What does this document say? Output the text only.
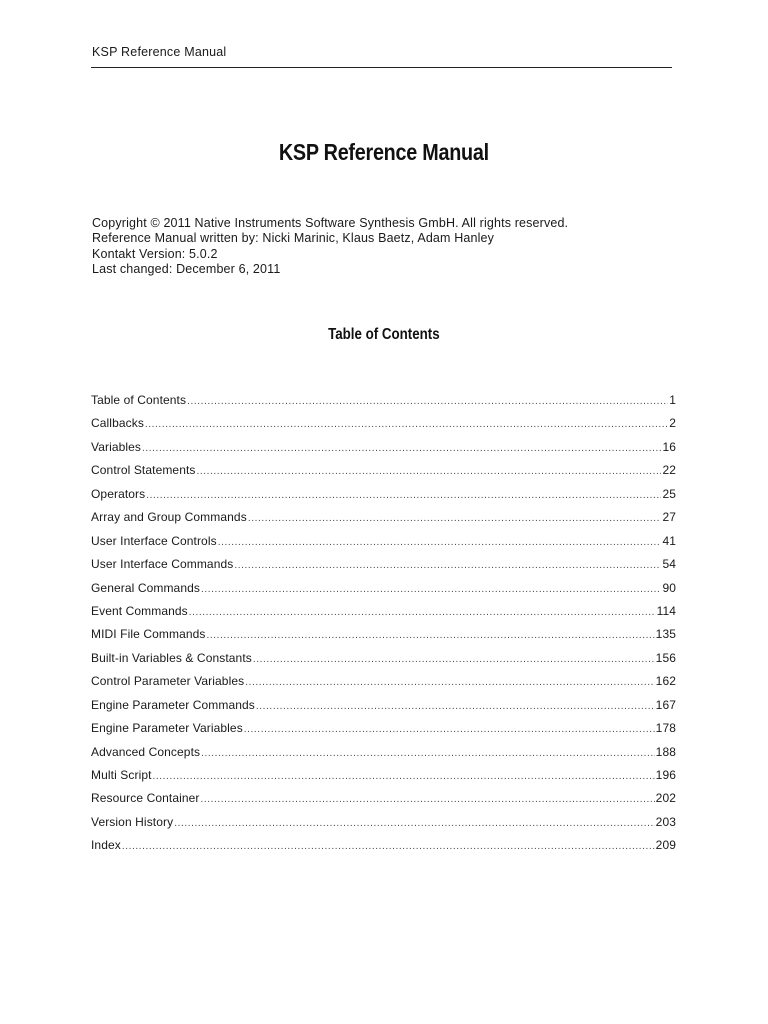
KSP Reference Manual
KSP Reference Manual
Copyright © 2011 Native Instruments Software Synthesis GmbH. All rights reserved.
Reference Manual written by: Nicki Marinic, Klaus Baetz, Adam Hanley
Kontakt Version: 5.0.2
Last changed: December 6, 2011
Table of Contents
Table of Contents .....	1
Callbacks .....	2
Variables .....	16
Control Statements .....	22
Operators .....	25
Array and Group Commands .....	27
User Interface Controls .....	41
User Interface Commands .....	54
General Commands .....	90
Event Commands .....	114
MIDI File Commands .....	135
Built-in Variables & Constants .....	156
Control Parameter Variables .....	162
Engine Parameter Commands .....	167
Engine Parameter Variables .....	178
Advanced Concepts .....	188
Multi Script .....	196
Resource Container .....	202
Version History .....	203
Index .....	209
